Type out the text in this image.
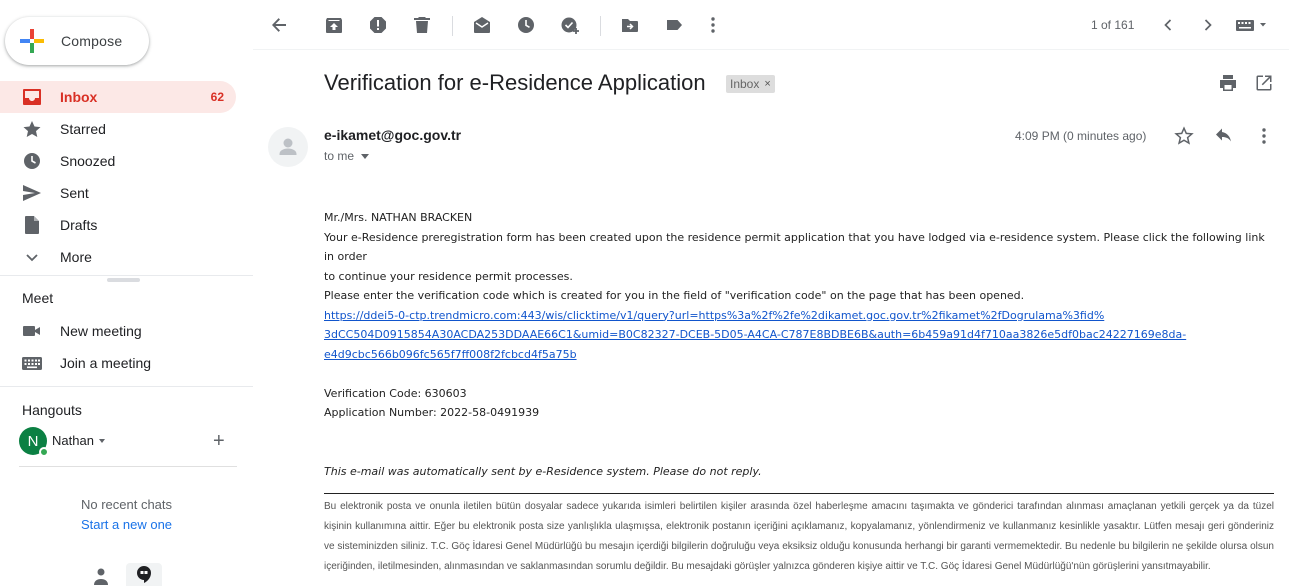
Compose
Inbox	62
Starred
Snoozed
Sent
Drafts
More
Meet
New meeting
Join a meeting
Hangouts
N	Nathan	+
No recent chats
Start a new one
1 of 161
Verification for e-Residence Application Inbox ×
e-ikamet@goc.gov.tr
to me
4:09 PM (0 minutes ago)

Mr./Mrs. NATHAN BRACKEN

Your e-Residence preregistration form has been created upon the residence permit application that you have lodged via e-residence system. Please click the following link in order

to continue your residence permit processes.

Please enter the verification code which is created for you in the field of "verification code" on the page that has been opened.

https://ddei5-0-ctp.trendmicro.com:443/wis/clicktime/v1/query?url=https%3a%2f%2fe%2dikamet.goc.gov.tr%2fikamet%2fDogrulama%3fid%

3dCC504D0915854A30ACDA253DDAAE66C1&umid=B0C82327-DCEB-5D05-A4CA-C787E8BDBE6B&auth=6b459a91d4f710aa3826e5df0bac24227169e8da-

e4d9cbc566b096fc565f7ff008f2fcbcd4f5a75b

Verification Code: 630603

Application Number: 2022-58-0491939

This e-mail was automatically sent by e-Residence system. Please do not reply.

Bu elektronik posta ve onunla iletilen bütün dosyalar sadece yukarıda isimleri belirtilen kişiler arasında özel haberleşme amacını taşımakta ve gönderici tarafından alınması amaçlanan yetkili gerçek ya da tüzel kişinin kullanımına aittir. Eğer bu elektronik posta size yanlışlıkla ulaşmışsa, elektronik postanın içeriğini açıklamanız, kopyalamanız, yönlendirmeniz ve kullanmanız kesinlikle yasaktır. Lütfen mesajı geri gönderiniz ve sisteminizden siliniz. T.C. Göç İdaresi Genel Müdürlüğü bu mesajın içerdiği bilgilerin doğruluğu veya eksiksiz olduğu konusunda herhangi bir garanti vermemektedir. Bu nedenle bu bilgilerin ne şekilde olursa olsun içeriğinden, iletilmesinden, alınmasından ve saklanmasından sorumlu değildir. Bu mesajdaki görüşler yalnızca gönderen kişiye aittir ve T.C. Göç İdaresi Genel Müdürlüğü'nün görüşlerini yansıtmayabilir.
